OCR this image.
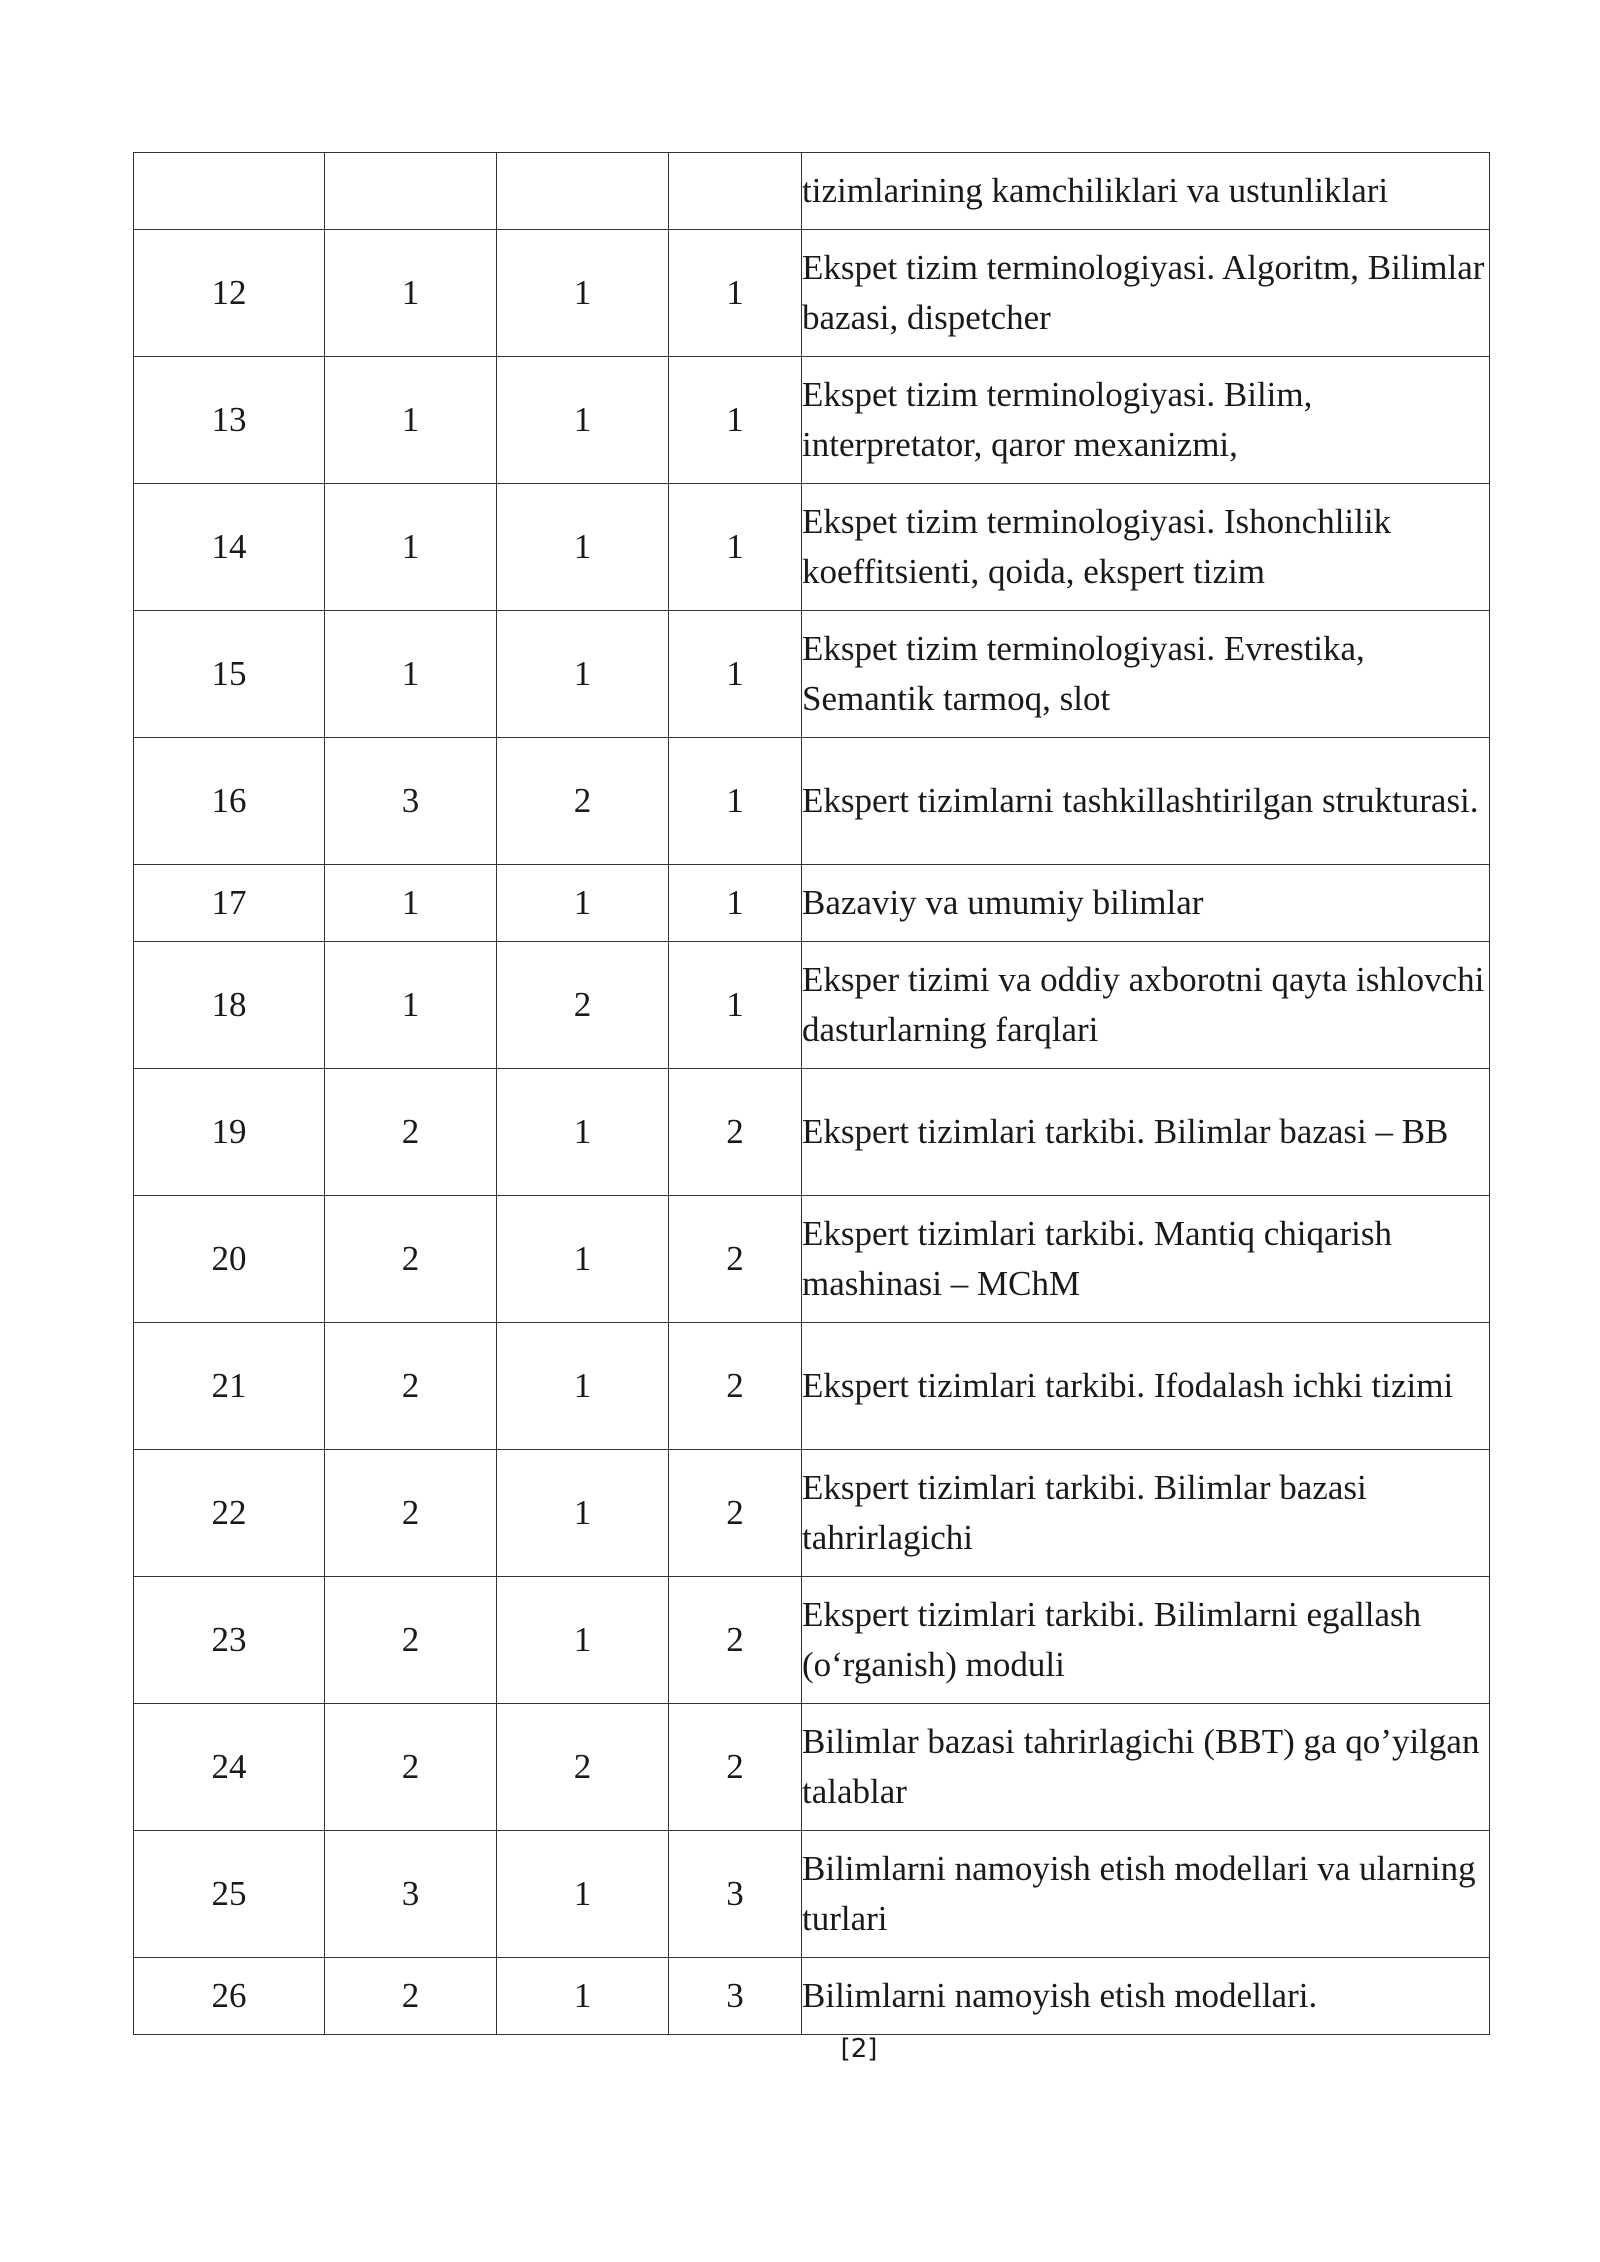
				tizimlarining kamchiliklari va ustunliklari
12	1	1	1	Ekspet tizim terminologiyasi. Algoritm, Bilimlar bazasi, dispetcher
13	1	1	1	Ekspet tizim terminologiyasi. Bilim, interpretator, qaror mexanizmi,
14	1	1	1	Ekspet tizim terminologiyasi. Ishonchlilik koeffitsienti, qoida, ekspert tizim
15	1	1	1	Ekspet tizim terminologiyasi. Evrestika, Semantik tarmoq, slot
16	3	2	1	Ekspert tizimlarni tashkillashtirilgan strukturasi.
17	1	1	1	Bazaviy va umumiy bilimlar
18	1	2	1	Eksper tizimi va oddiy axborotni qayta ishlovchi dasturlarning farqlari
19	2	1	2	Ekspert tizimlari tarkibi. Bilimlar bazasi – BB
20	2	1	2	Ekspert tizimlari tarkibi. Mantiq chiqarish mashinasi – MChM
21	2	1	2	Ekspert tizimlari tarkibi. Ifodalash ichki tizimi
22	2	1	2	Ekspert tizimlari tarkibi. Bilimlar bazasi tahrirlagichi
23	2	1	2	Ekspert tizimlari tarkibi. Bilimlarni egallash (o‘rganish) moduli
24	2	2	2	Bilimlar bazasi tahrirlagichi (BBT) ga qo’yilgan talablar
25	3	1	3	Bilimlarni namoyish etish modellari va ularning turlari
26	2	1	3	Bilimlarni namoyish etish modellari.
[2]
